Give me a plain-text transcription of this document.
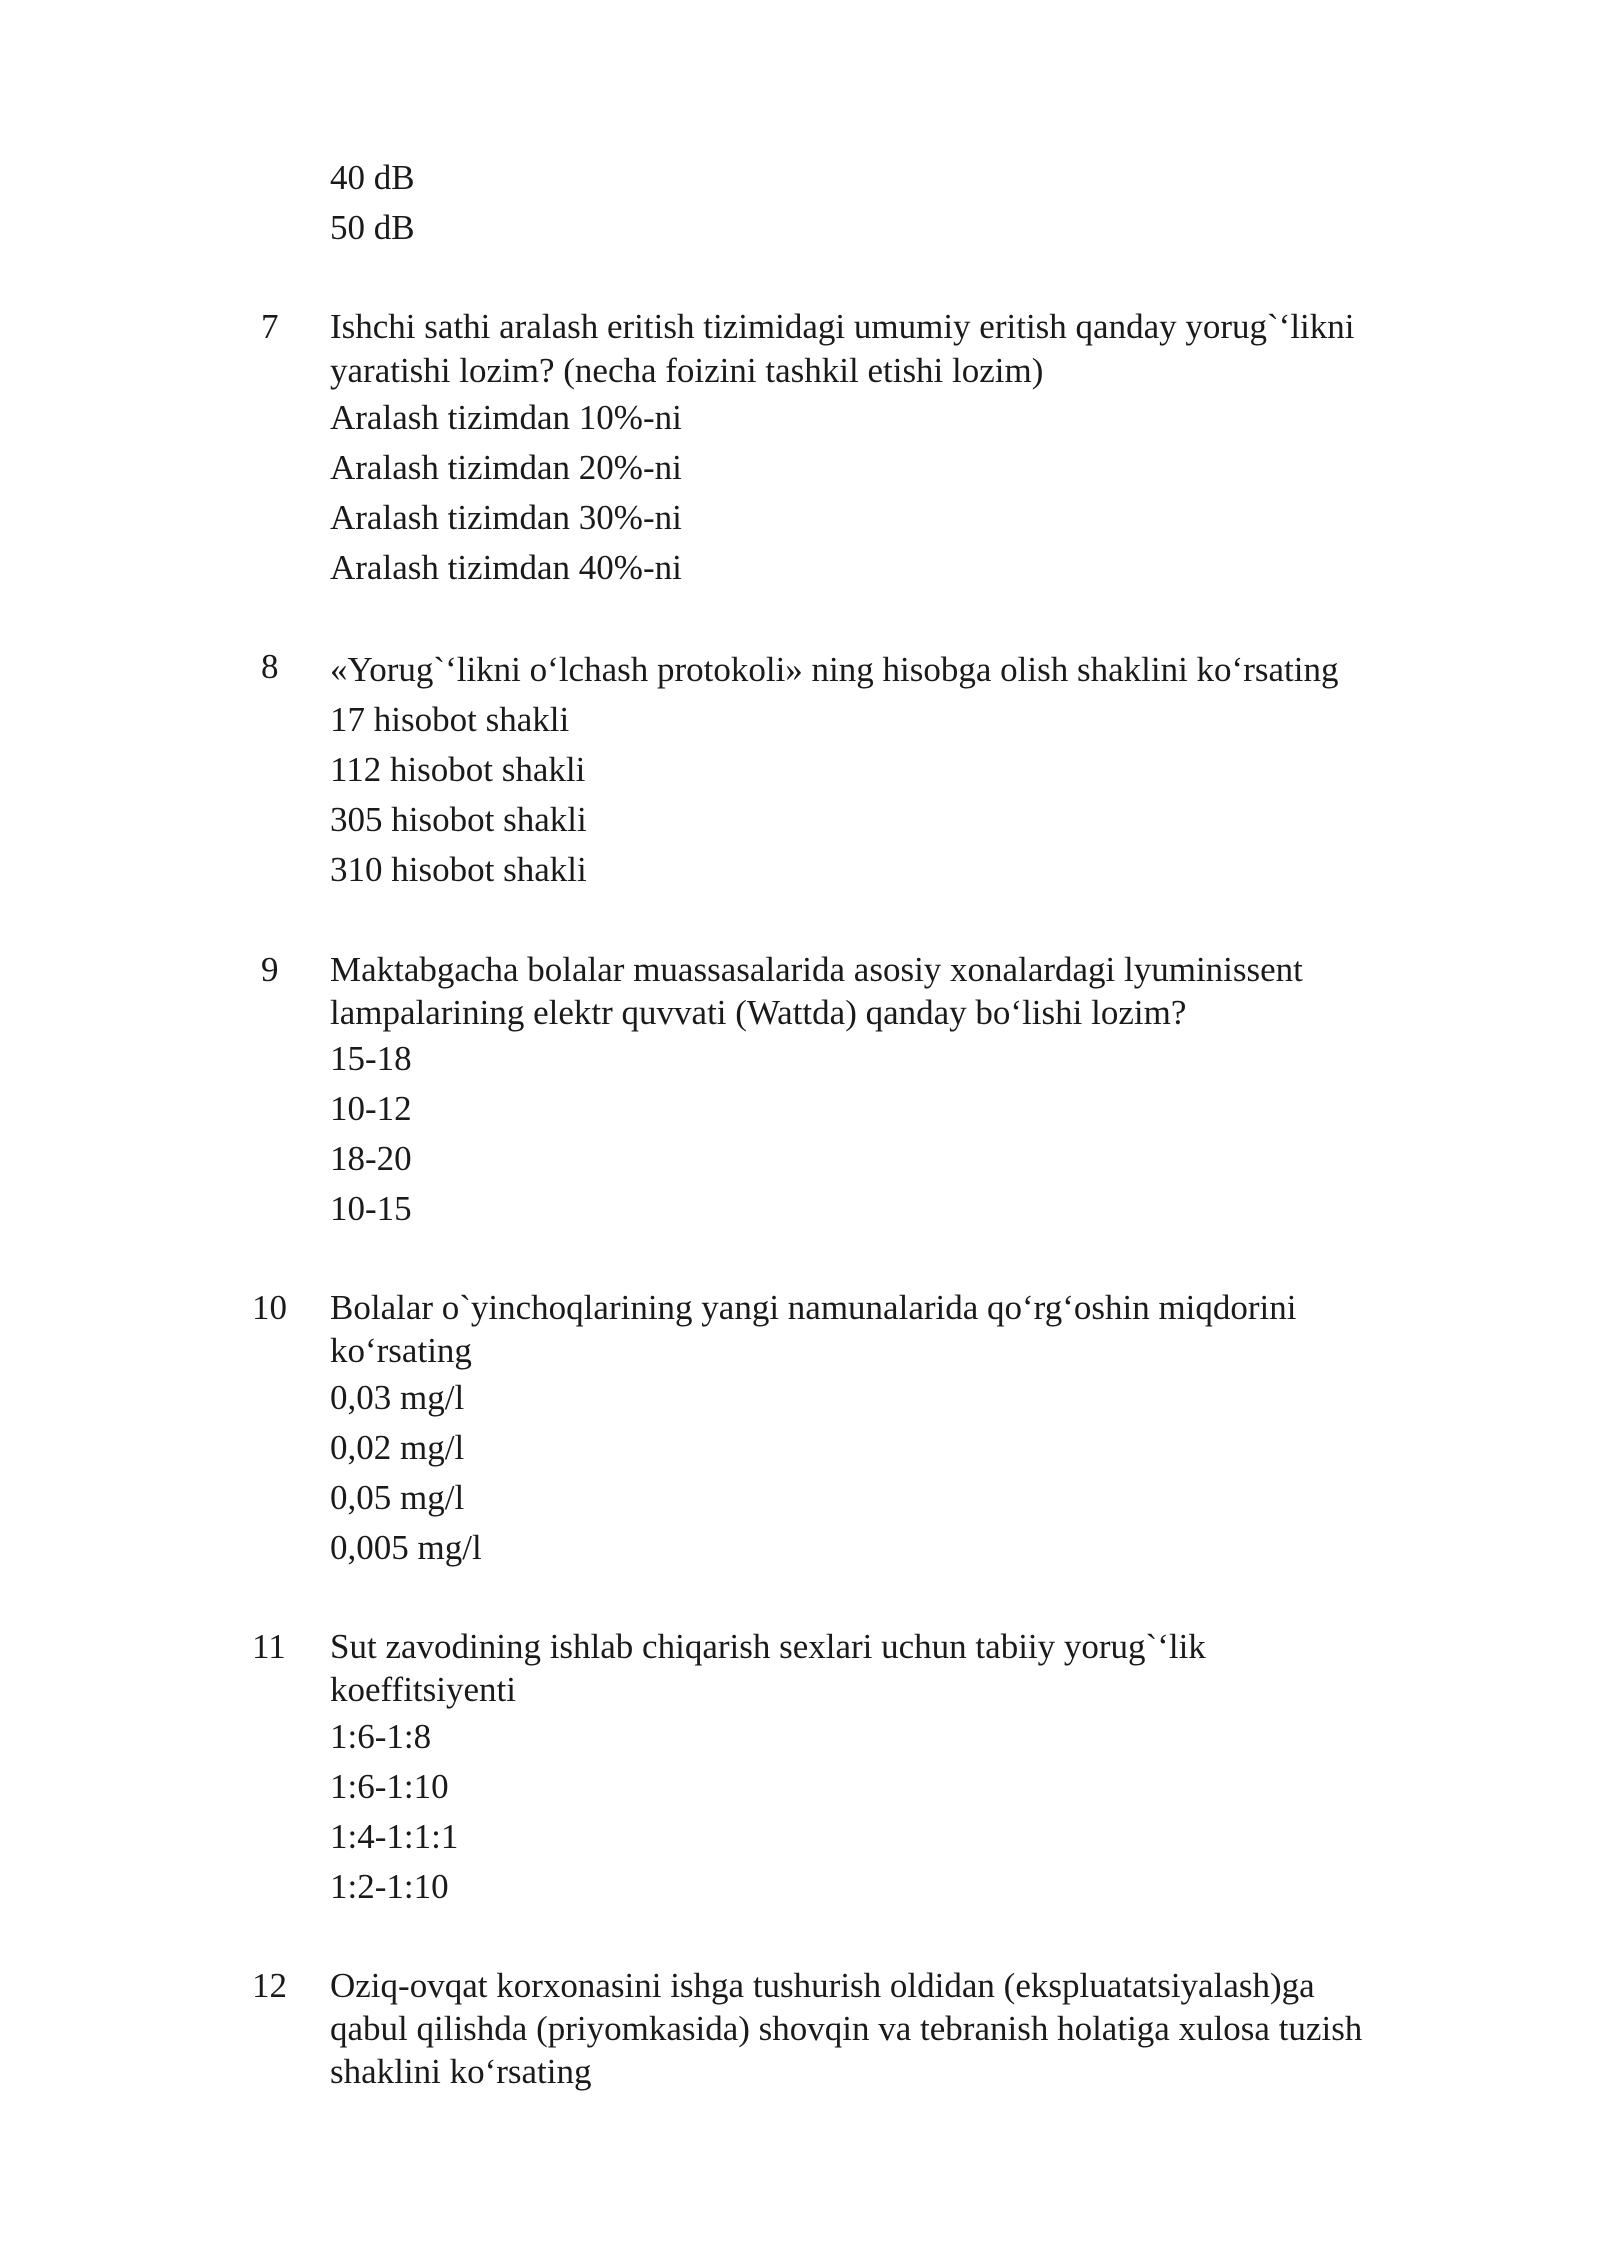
40 dB
50 dB
7 Ishchi sathi aralash eritish tizimidagi umumiy eritish qanday yorug`‘likni
yaratishi lozim? (necha foizini tashkil etishi lozim)
Aralash tizimdan 10%-ni
Aralash tizimdan 20%-ni
Aralash tizimdan 30%-ni
Aralash tizimdan 40%-ni
8 «Yorug`‘likni o‘lchash protokoli» ning hisobga olish shaklini ko‘rsating
17 hisobot shakli
112 hisobot shakli
305 hisobot shakli
310 hisobot shakli
9 Maktabgacha bolalar muassasalarida asosiy xonalardagi lyuminissent
lampalarining elektr quvvati (Wattda) qanday bo‘lishi lozim?
15-18
10-12
18-20
10-15
10 Bolalar o`yinchoqlarining yangi namunalarida qo‘rg‘oshin miqdorini
ko‘rsating
0,03 mg/l
0,02 mg/l
0,05 mg/l
0,005 mg/l
11 Sut zavodining ishlab chiqarish sexlari uchun tabiiy yorug`‘lik
koeffitsiyenti
1:6-1:8
1:6-1:10
1:4-1:1:1
1:2-1:10
12 Oziq-ovqat korxonasini ishga tushurish oldidan (ekspluatatsiyalash)ga
qabul qilishda (priyomkasida) shovqin va tebranish holatiga xulosa tuzish
shaklini ko‘rsating
